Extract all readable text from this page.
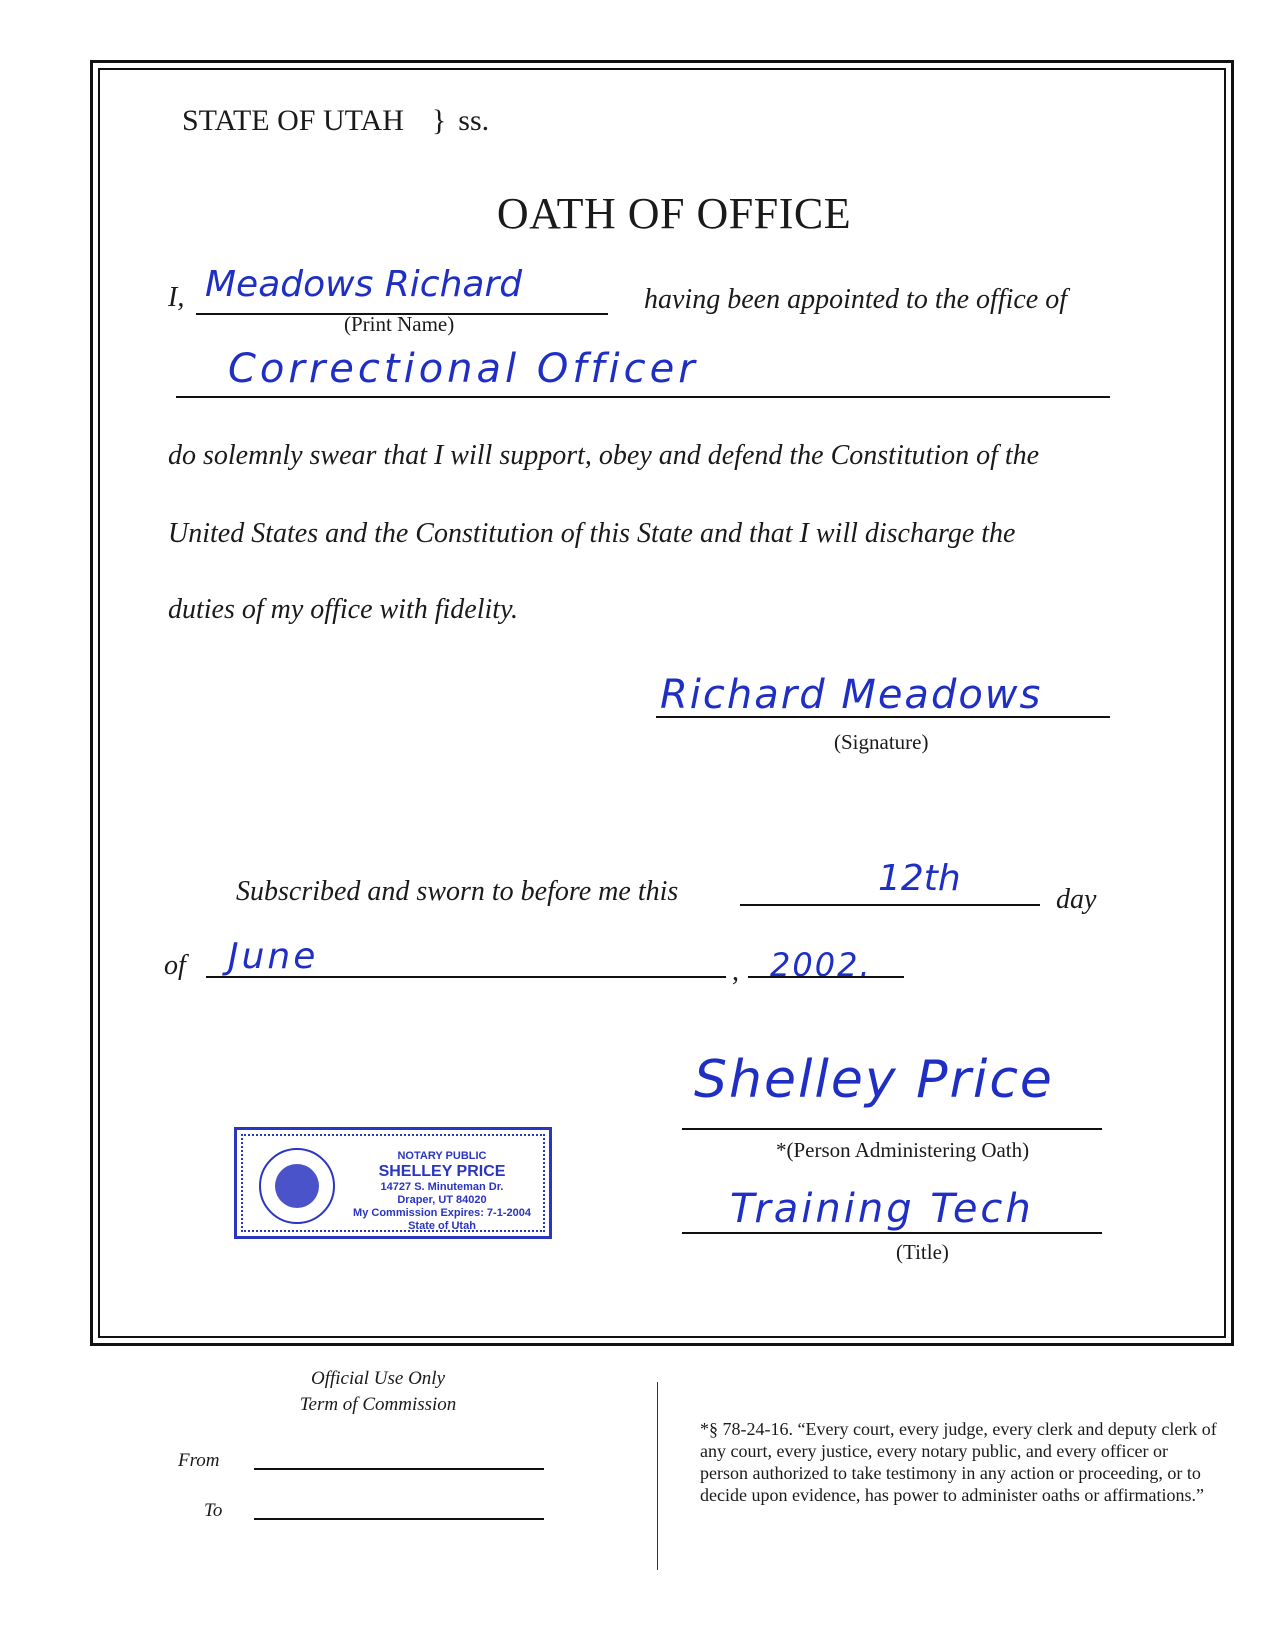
STATE OF UTAH } ss.
OATH OF OFFICE
I, Meadows Richard
(Print Name)
having been appointed to the office of
Correctional Officer
do solemnly swear that I will support, obey and defend the Constitution of the
United States and the Constitution of this State and that I will discharge the
duties of my office with fidelity.
Richard Meadows
(Signature)
Subscribed and sworn to before me this	12th
day
of June	, 2002.
NOTARY PUBLIC
SHELLEY PRICE
14727 S. Minuteman Dr.
Draper, UT 84020
My Commission Expires: 7-1-2004
State of Utah
Shelley Price
*(Person Administering Oath)
Training Tech
(Title)
Official Use Only
Term of Commission
From
To
*§ 78-24-16. “Every court, every judge, every clerk and deputy clerk of any court, every justice, every notary public, and every officer or person authorized to take testimony in any action or proceeding, or to decide upon evidence, has power to administer oaths or affirmations.”
